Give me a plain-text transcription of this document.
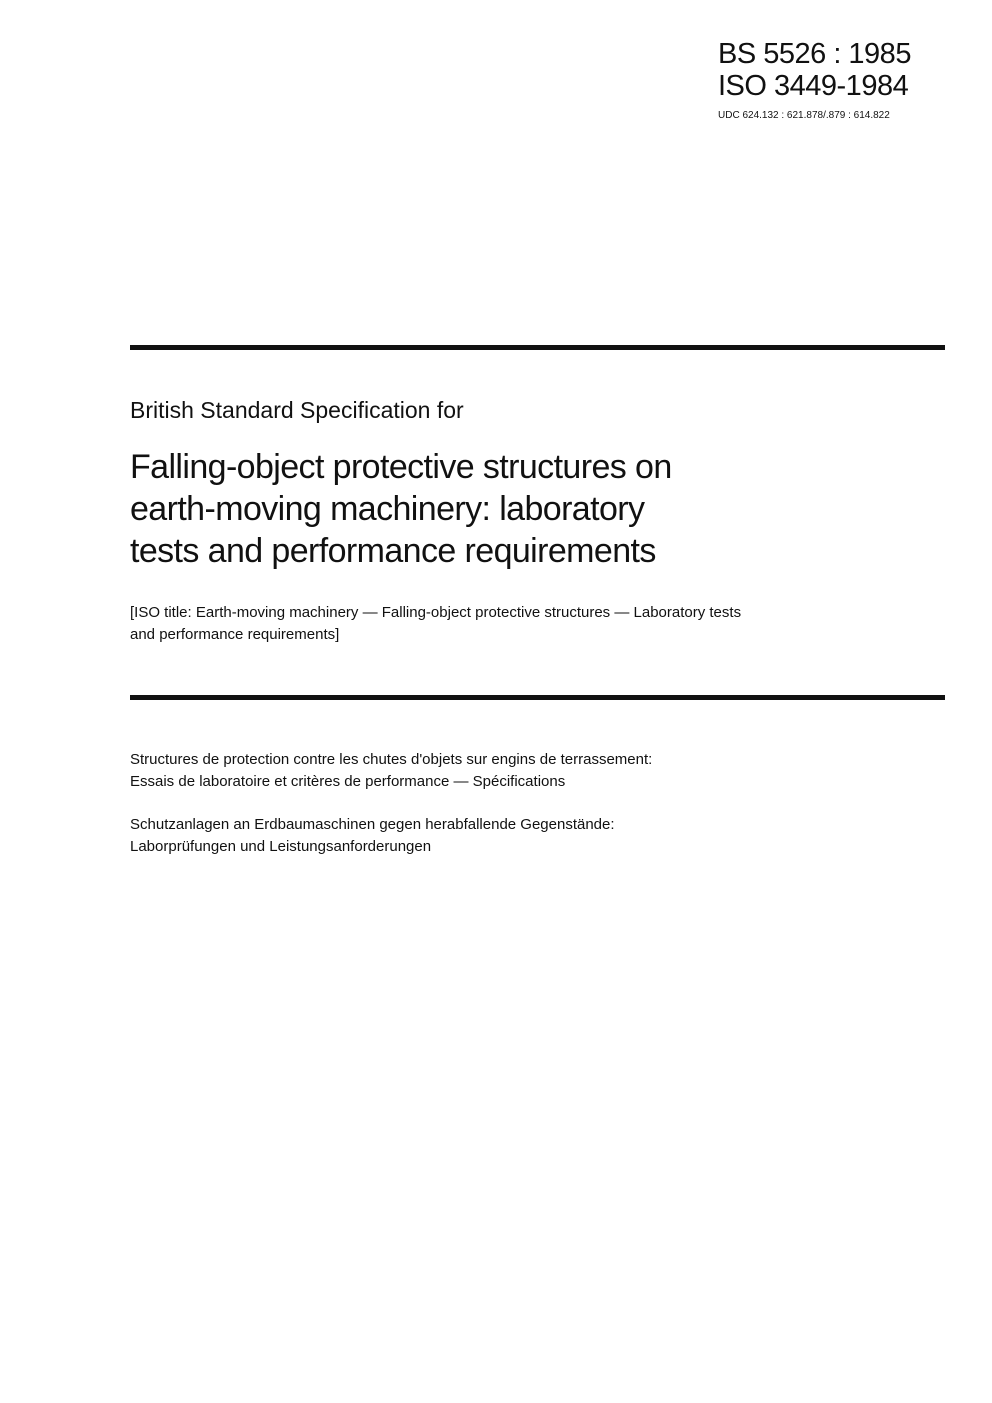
BS 5526 : 1985
ISO 3449-1984
UDC 624.132 : 621.878/.879 : 614.822
British Standard Specification for
Falling-object protective structures on
earth-moving machinery: laboratory
tests and performance requirements
[ISO title: Earth-moving machinery — Falling-object protective structures — Laboratory tests
and performance requirements]
Structures de protection contre les chutes d'objets sur engins de terrassement:
Essais de laboratoire et critères de performance — Spécifications
Schutzanlagen an Erdbaumaschinen gegen herabfallende Gegenstände:
Laborprüfungen und Leistungsanforderungen
